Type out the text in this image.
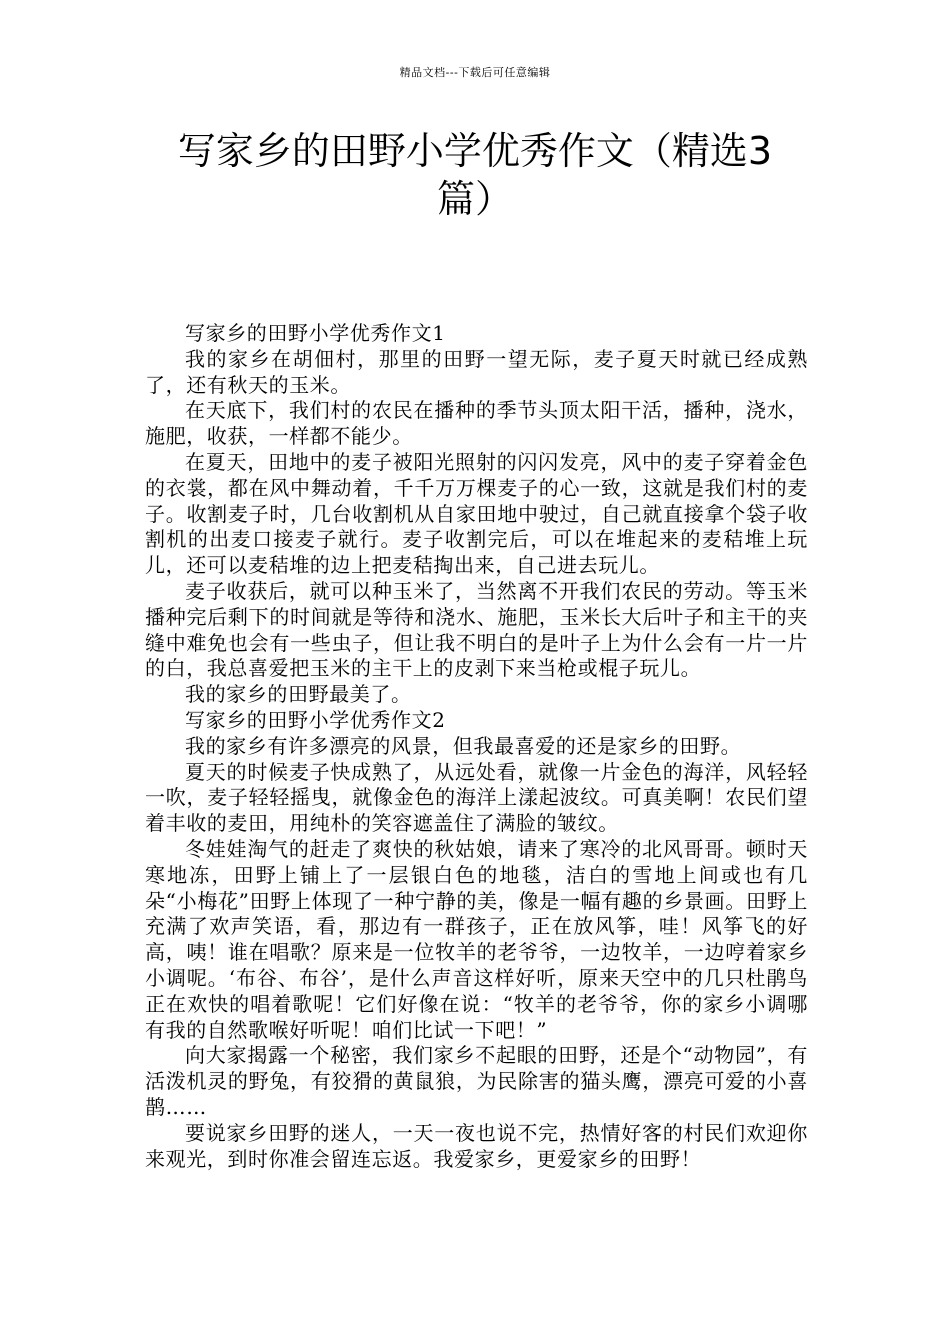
精品文档---下载后可任意编辑
写家乡的田野小学优秀作文（精选3篇）

写家乡的田野小学优秀作文1

我的家乡在胡佃村，那里的田野一望无际，麦子夏天时就已经成熟了，还有秋天的玉米。

在天底下，我们村的农民在播种的季节头顶太阳干活，播种，浇水，施肥，收获，一样都不能少。

在夏天，田地中的麦子被阳光照射的闪闪发亮，风中的麦子穿着金色的衣裳，都在风中舞动着，千千万万棵麦子的心一致，这就是我们村的麦子。收割麦子时，几台收割机从自家田地中驶过，自己就直接拿个袋子收割机的出麦口接麦子就行。麦子收割完后，可以在堆起来的麦秸堆上玩儿，还可以麦秸堆的边上把麦秸掏出来，自己进去玩儿。

麦子收获后，就可以种玉米了，当然离不开我们农民的劳动。等玉米播种完后剩下的时间就是等待和浇水、施肥，玉米长大后叶子和主干的夹缝中难免也会有一些虫子，但让我不明白的是叶子上为什么会有一片一片的白，我总喜爱把玉米的主干上的皮剥下来当枪或棍子玩儿。

我的家乡的田野最美了。

写家乡的田野小学优秀作文2

我的家乡有许多漂亮的风景，但我最喜爱的还是家乡的田野。

夏天的时候麦子快成熟了，从远处看，就像一片金色的海洋，风轻轻一吹，麦子轻轻摇曳，就像金色的海洋上漾起波纹。可真美啊！农民们望着丰收的麦田，用纯朴的笑容遮盖住了满脸的皱纹。

冬娃娃淘气的赶走了爽快的秋姑娘，请来了寒冷的北风哥哥。顿时天寒地冻，田野上铺上了一层银白色的地毯，洁白的雪地上间或也有几朵“小梅花”田野上体现了一种宁静的美，像是一幅有趣的乡景画。田野上充满了欢声笑语，看，那边有一群孩子，正在放风筝，哇！风筝飞的好高，咦！谁在唱歌？原来是一位牧羊的老爷爷，一边牧羊，一边哼着家乡小调呢。‘布谷、布谷’，是什么声音这样好听，原来天空中的几只杜鹃鸟正在欢快的唱着歌呢！它们好像在说：“牧羊的老爷爷，你的家乡小调哪有我的自然歌喉好听呢！咱们比试一下吧！”

向大家揭露一个秘密，我们家乡不起眼的田野，还是个“动物园”，有活泼机灵的野兔，有狡猾的黄鼠狼，为民除害的猫头鹰，漂亮可爱的小喜鹊……

要说家乡田野的迷人，一天一夜也说不完，热情好客的村民们欢迎你来观光，到时你准会留连忘返。我爱家乡，更爱家乡的田野！
